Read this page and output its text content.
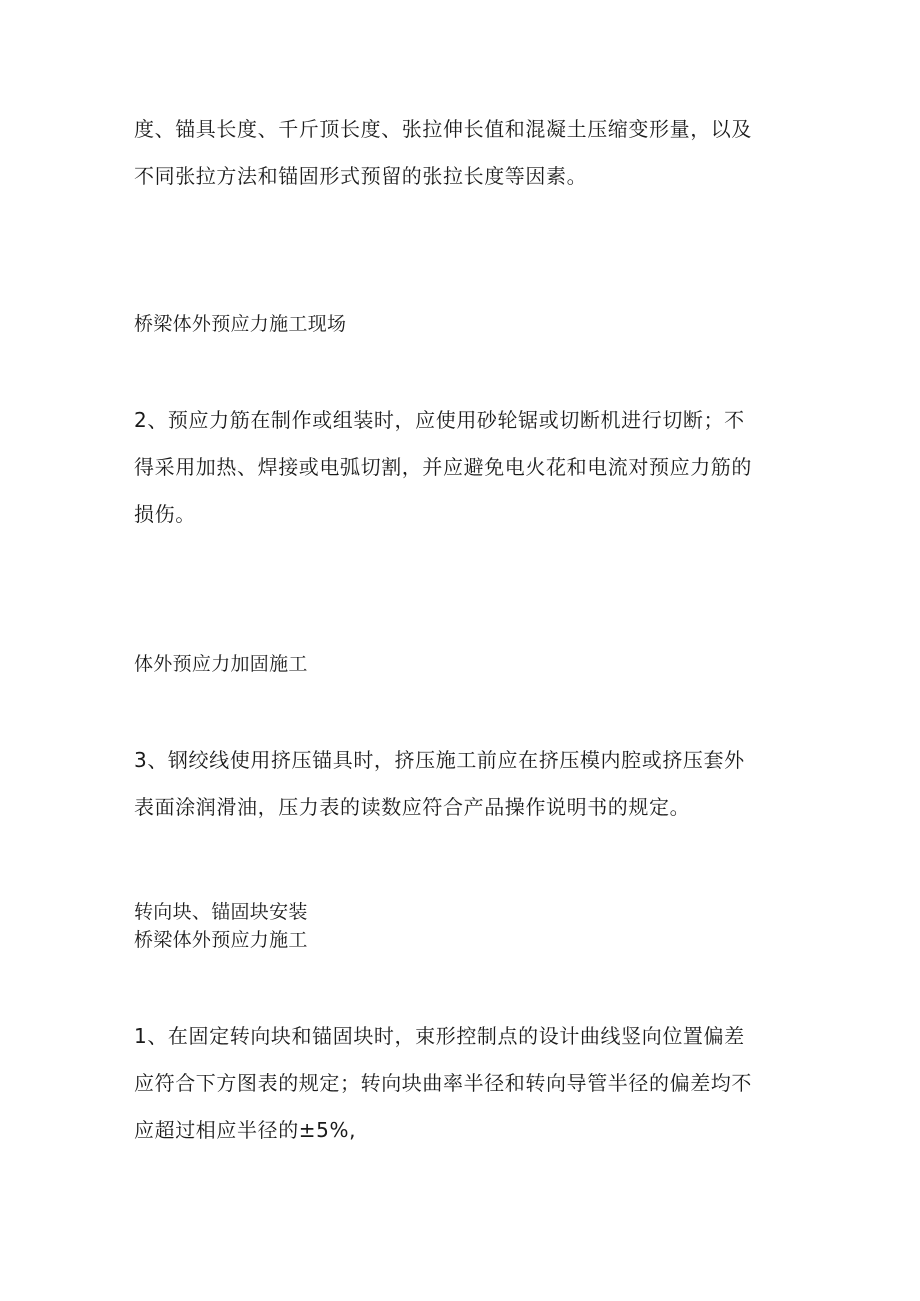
度、锚具长度、千斤顶长度、张拉伸长值和混凝土压缩变形量，以及
不同张拉方法和锚固形式预留的张拉长度等因素。
桥梁体外预应力施工现场
2、预应力筋在制作或组装时，应使用砂轮锯或切断机进行切断；不
得采用加热、焊接或电弧切割，并应避免电火花和电流对预应力筋的
损伤。
体外预应力加固施工
3、钢绞线使用挤压锚具时，挤压施工前应在挤压模内腔或挤压套外
表面涂润滑油，压力表的读数应符合产品操作说明书的规定。
转向块、锚固块安装
桥梁体外预应力施工
1、在固定转向块和锚固块时，束形控制点的设计曲线竖向位置偏差
应符合下方图表的规定；转向块曲率半径和转向导管半径的偏差均不
应超过相应半径的±5%,
